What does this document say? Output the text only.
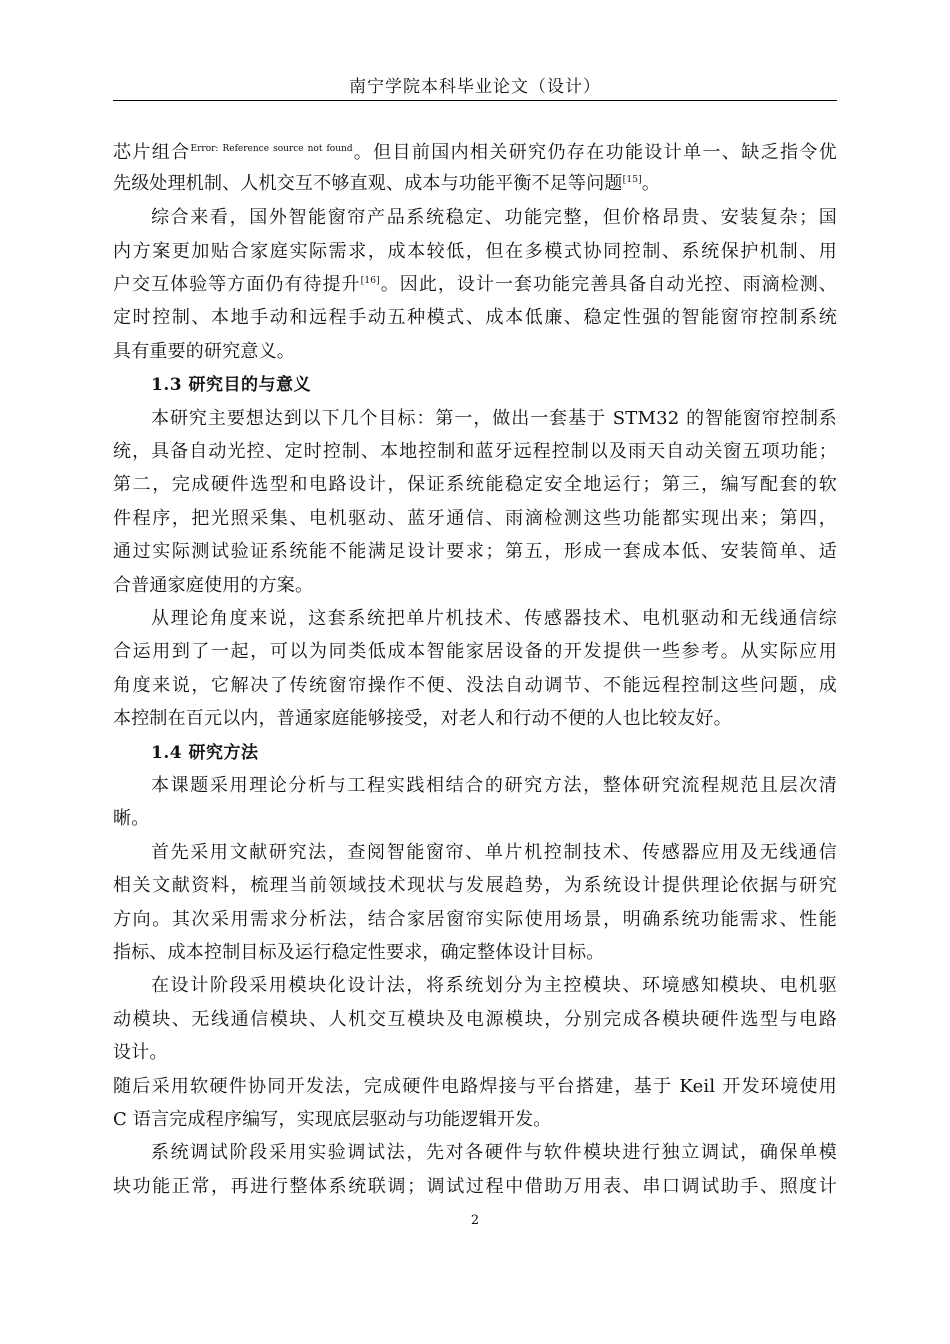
南宁学院本科毕业论文（设计）
芯片组合$^{Error: Reference source not found}$。但目前国内相关研究仍存在功能设计单一、缺乏指令优
先级处理机制、人机交互不够直观、成本与功能平衡不足等问题[15]。
综合来看，国外智能窗帘产品系统稳定、功能完整，但价格昂贵、安装复杂；国
内方案更加贴合家庭实际需求，成本较低，但在多模式协同控制、系统保护机制、用
户交互体验等方面仍有待提升[16]。因此，设计一套功能完善具备自动光控、雨滴检测、
定时控制、本地手动和远程手动五种模式、成本低廉、稳定性强的智能窗帘控制系统
具有重要的研究意义。
1.3 研究目的与意义
本研究主要想达到以下几个目标：第一，做出一套基于 STM32 的智能窗帘控制系
统，具备自动光控、定时控制、本地控制和蓝牙远程控制以及雨天自动关窗五项功能；
第二，完成硬件选型和电路设计，保证系统能稳定安全地运行；第三，编写配套的软
件程序，把光照采集、电机驱动、蓝牙通信、雨滴检测这些功能都实现出来；第四，
通过实际测试验证系统能不能满足设计要求；第五，形成一套成本低、安装简单、适
合普通家庭使用的方案。
从理论角度来说，这套系统把单片机技术、传感器技术、电机驱动和无线通信综
合运用到了一起，可以为同类低成本智能家居设备的开发提供一些参考。从实际应用
角度来说，它解决了传统窗帘操作不便、没法自动调节、不能远程控制这些问题，成
本控制在百元以内，普通家庭能够接受，对老人和行动不便的人也比较友好。
1.4 研究方法
本课题采用理论分析与工程实践相结合的研究方法，整体研究流程规范且层次清
晰。
首先采用文献研究法，查阅智能窗帘、单片机控制技术、传感器应用及无线通信
相关文献资料，梳理当前领域技术现状与发展趋势，为系统设计提供理论依据与研究
方向。其次采用需求分析法，结合家居窗帘实际使用场景，明确系统功能需求、性能
指标、成本控制目标及运行稳定性要求，确定整体设计目标。
在设计阶段采用模块化设计法，将系统划分为主控模块、环境感知模块、电机驱
动模块、无线通信模块、人机交互模块及电源模块，分别完成各模块硬件选型与电路
设计。
随后采用软硬件协同开发法，完成硬件电路焊接与平台搭建，基于 Keil 开发环境使用
C 语言完成程序编写，实现底层驱动与功能逻辑开发。
系统调试阶段采用实验调试法，先对各硬件与软件模块进行独立调试，确保单模
块功能正常，再进行整体系统联调；调试过程中借助万用表、串口调试助手、照度计
2
